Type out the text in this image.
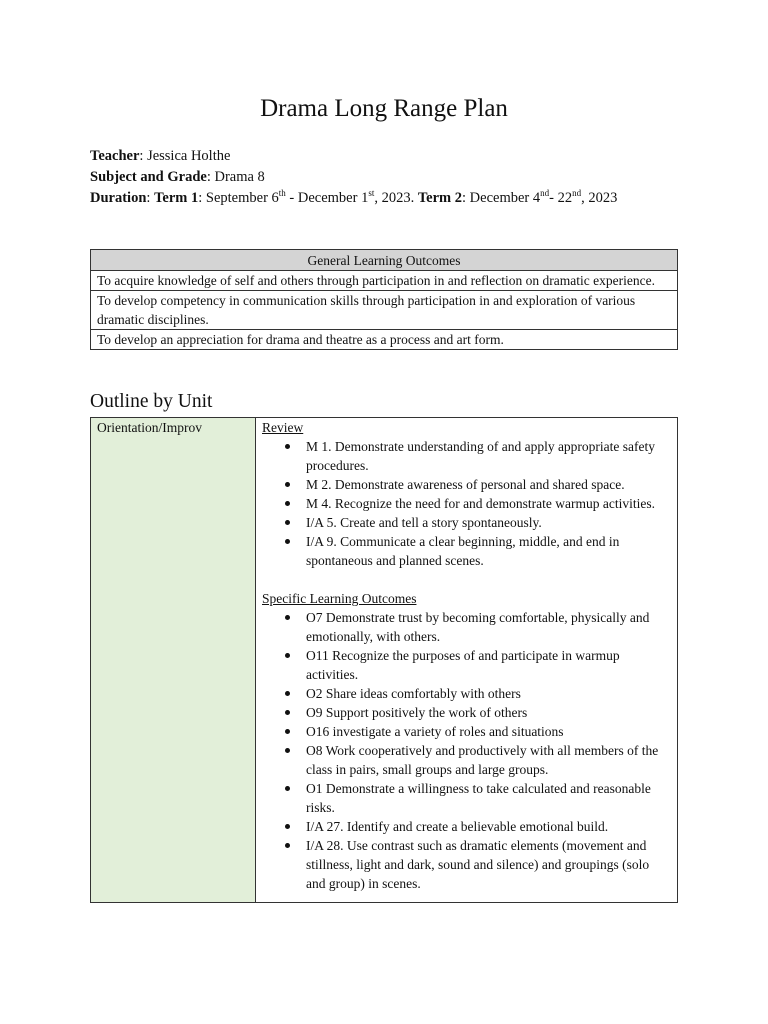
Drama Long Range Plan
Teacher: Jessica Holthe
Subject and Grade: Drama 8
Duration: Term 1: September 6th - December 1st, 2023. Term 2: December 4nd- 22nd, 2023
General Learning Outcomes
To acquire knowledge of self and others through participation in and reflection on dramatic experience.
To develop competency in communication skills through participation in and exploration of various dramatic disciplines.
To develop an appreciation for drama and theatre as a process and art form.
Outline by Unit
Orientation/Improv	Review
M 1. Demonstrate understanding of and apply appropriate safety procedures.
M 2. Demonstrate awareness of personal and shared space.
M 4. Recognize the need for and demonstrate warmup activities.
I/A 5. Create and tell a story spontaneously.
I/A 9. Communicate a clear beginning, middle, and end in spontaneous and planned scenes.
Specific Learning Outcomes
O7 Demonstrate trust by becoming comfortable, physically and emotionally, with others.
O11 Recognize the purposes of and participate in warmup activities.
O2 Share ideas comfortably with others
O9 Support positively the work of others
O16 investigate a variety of roles and situations
O8 Work cooperatively and productively with all members of the class in pairs, small groups and large groups.
O1 Demonstrate a willingness to take calculated and reasonable risks.
I/A 27. Identify and create a believable emotional build.
I/A 28. Use contrast such as dramatic elements (movement and stillness, light and dark, sound and silence) and groupings (solo and group) in scenes.
